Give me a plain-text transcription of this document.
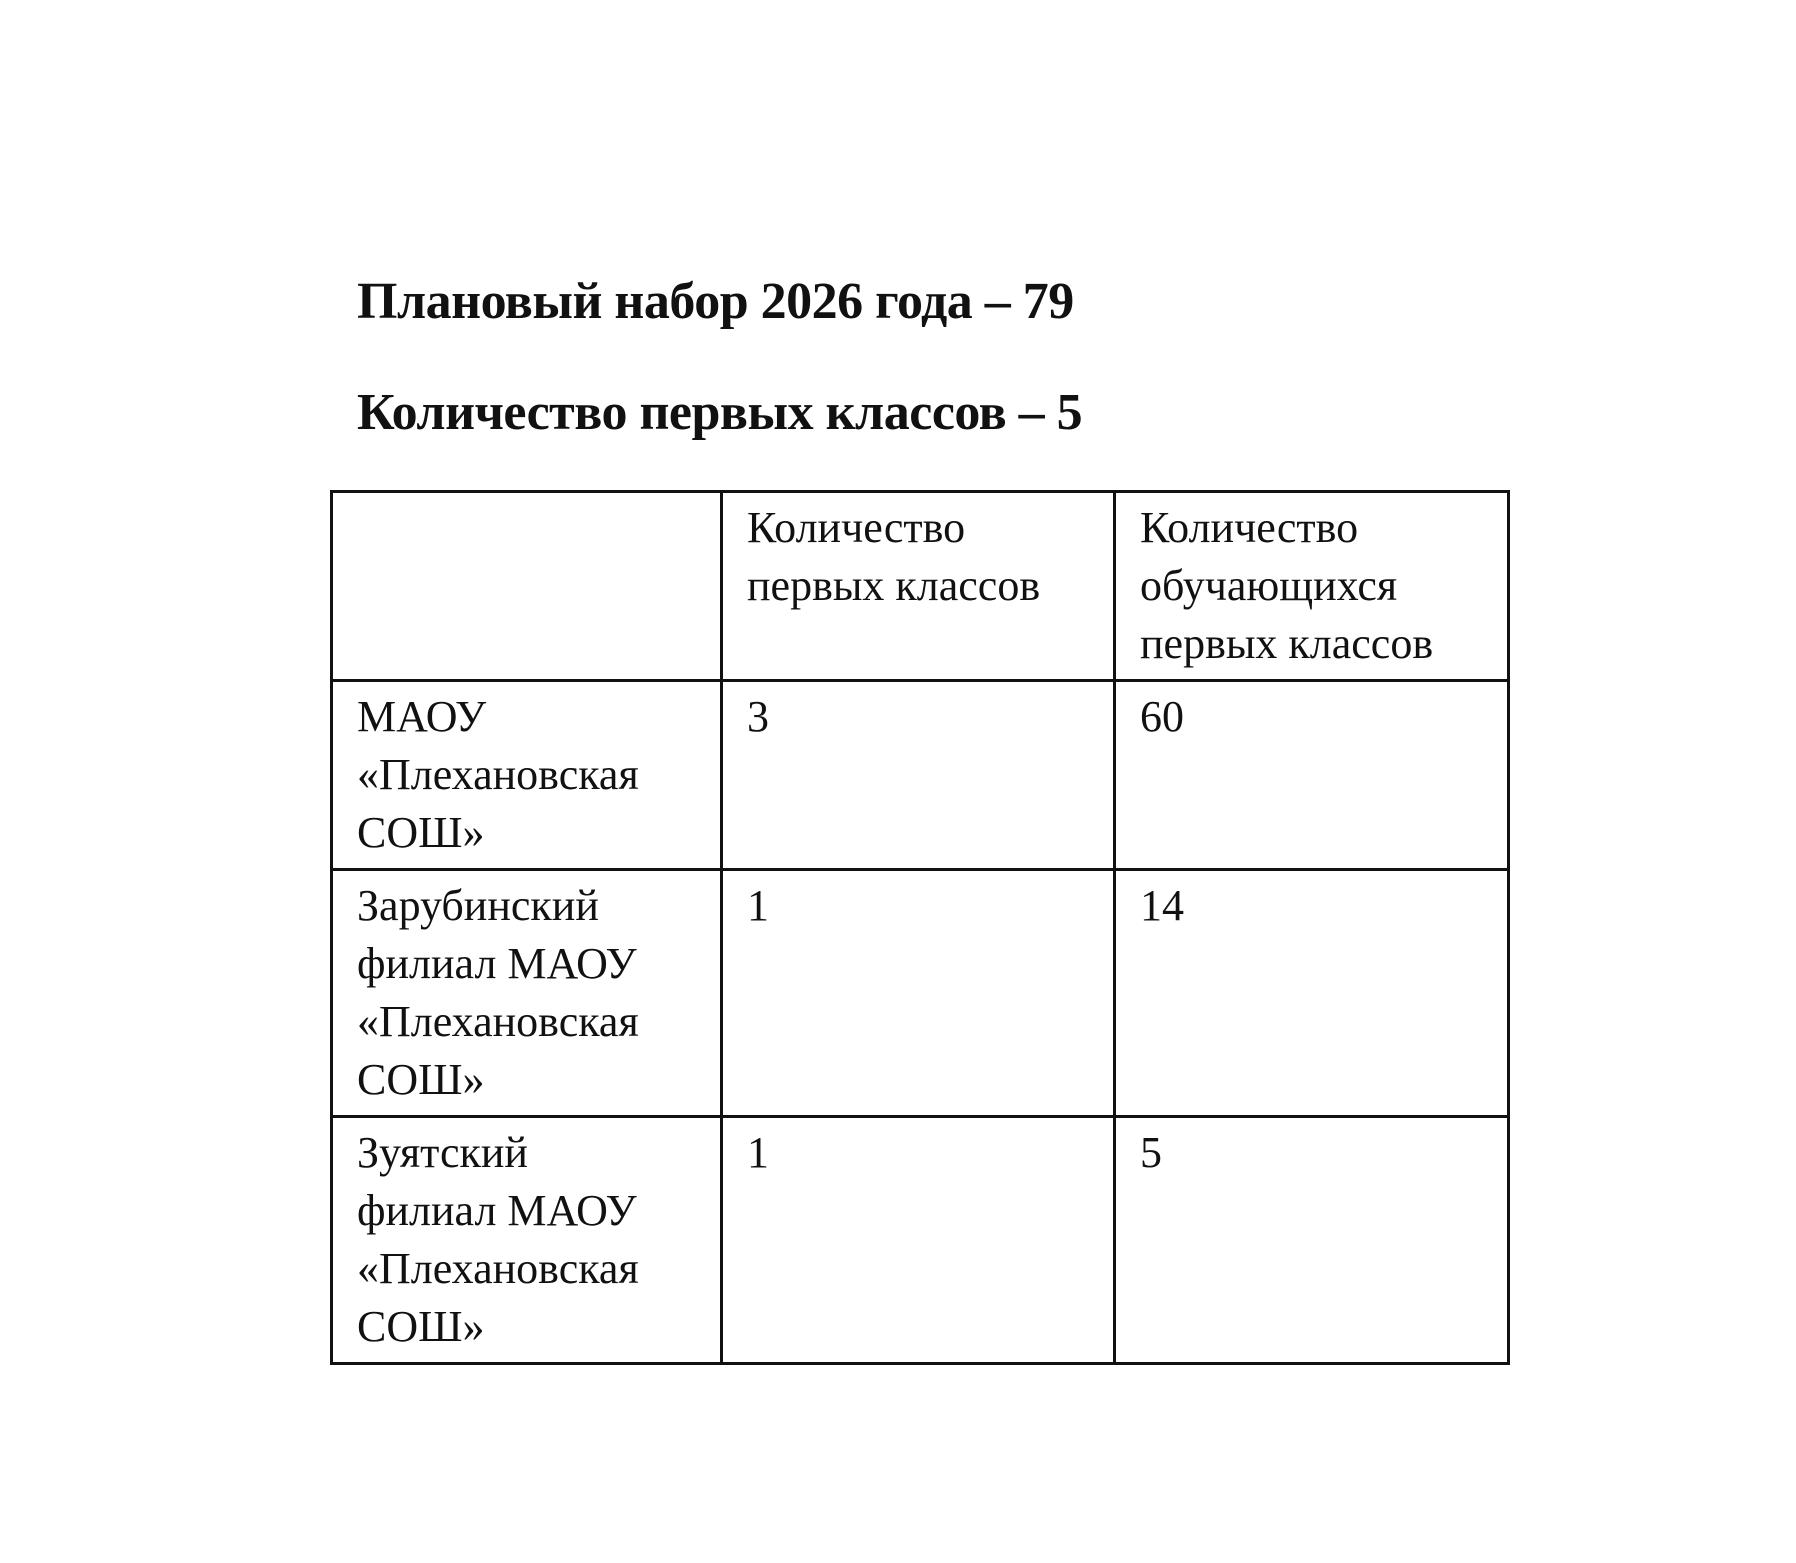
Плановый набор 2026 года – 79
Количество первых классов – 5
	Количество
первых классов	Количество
обучающихся
первых классов
МАОУ
«Плехановская
СОШ»	3	60
Зарубинский
филиал МАОУ
«Плехановская
СОШ»	1	14
Зуятский
филиал МАОУ
«Плехановская
СОШ»	1	5
